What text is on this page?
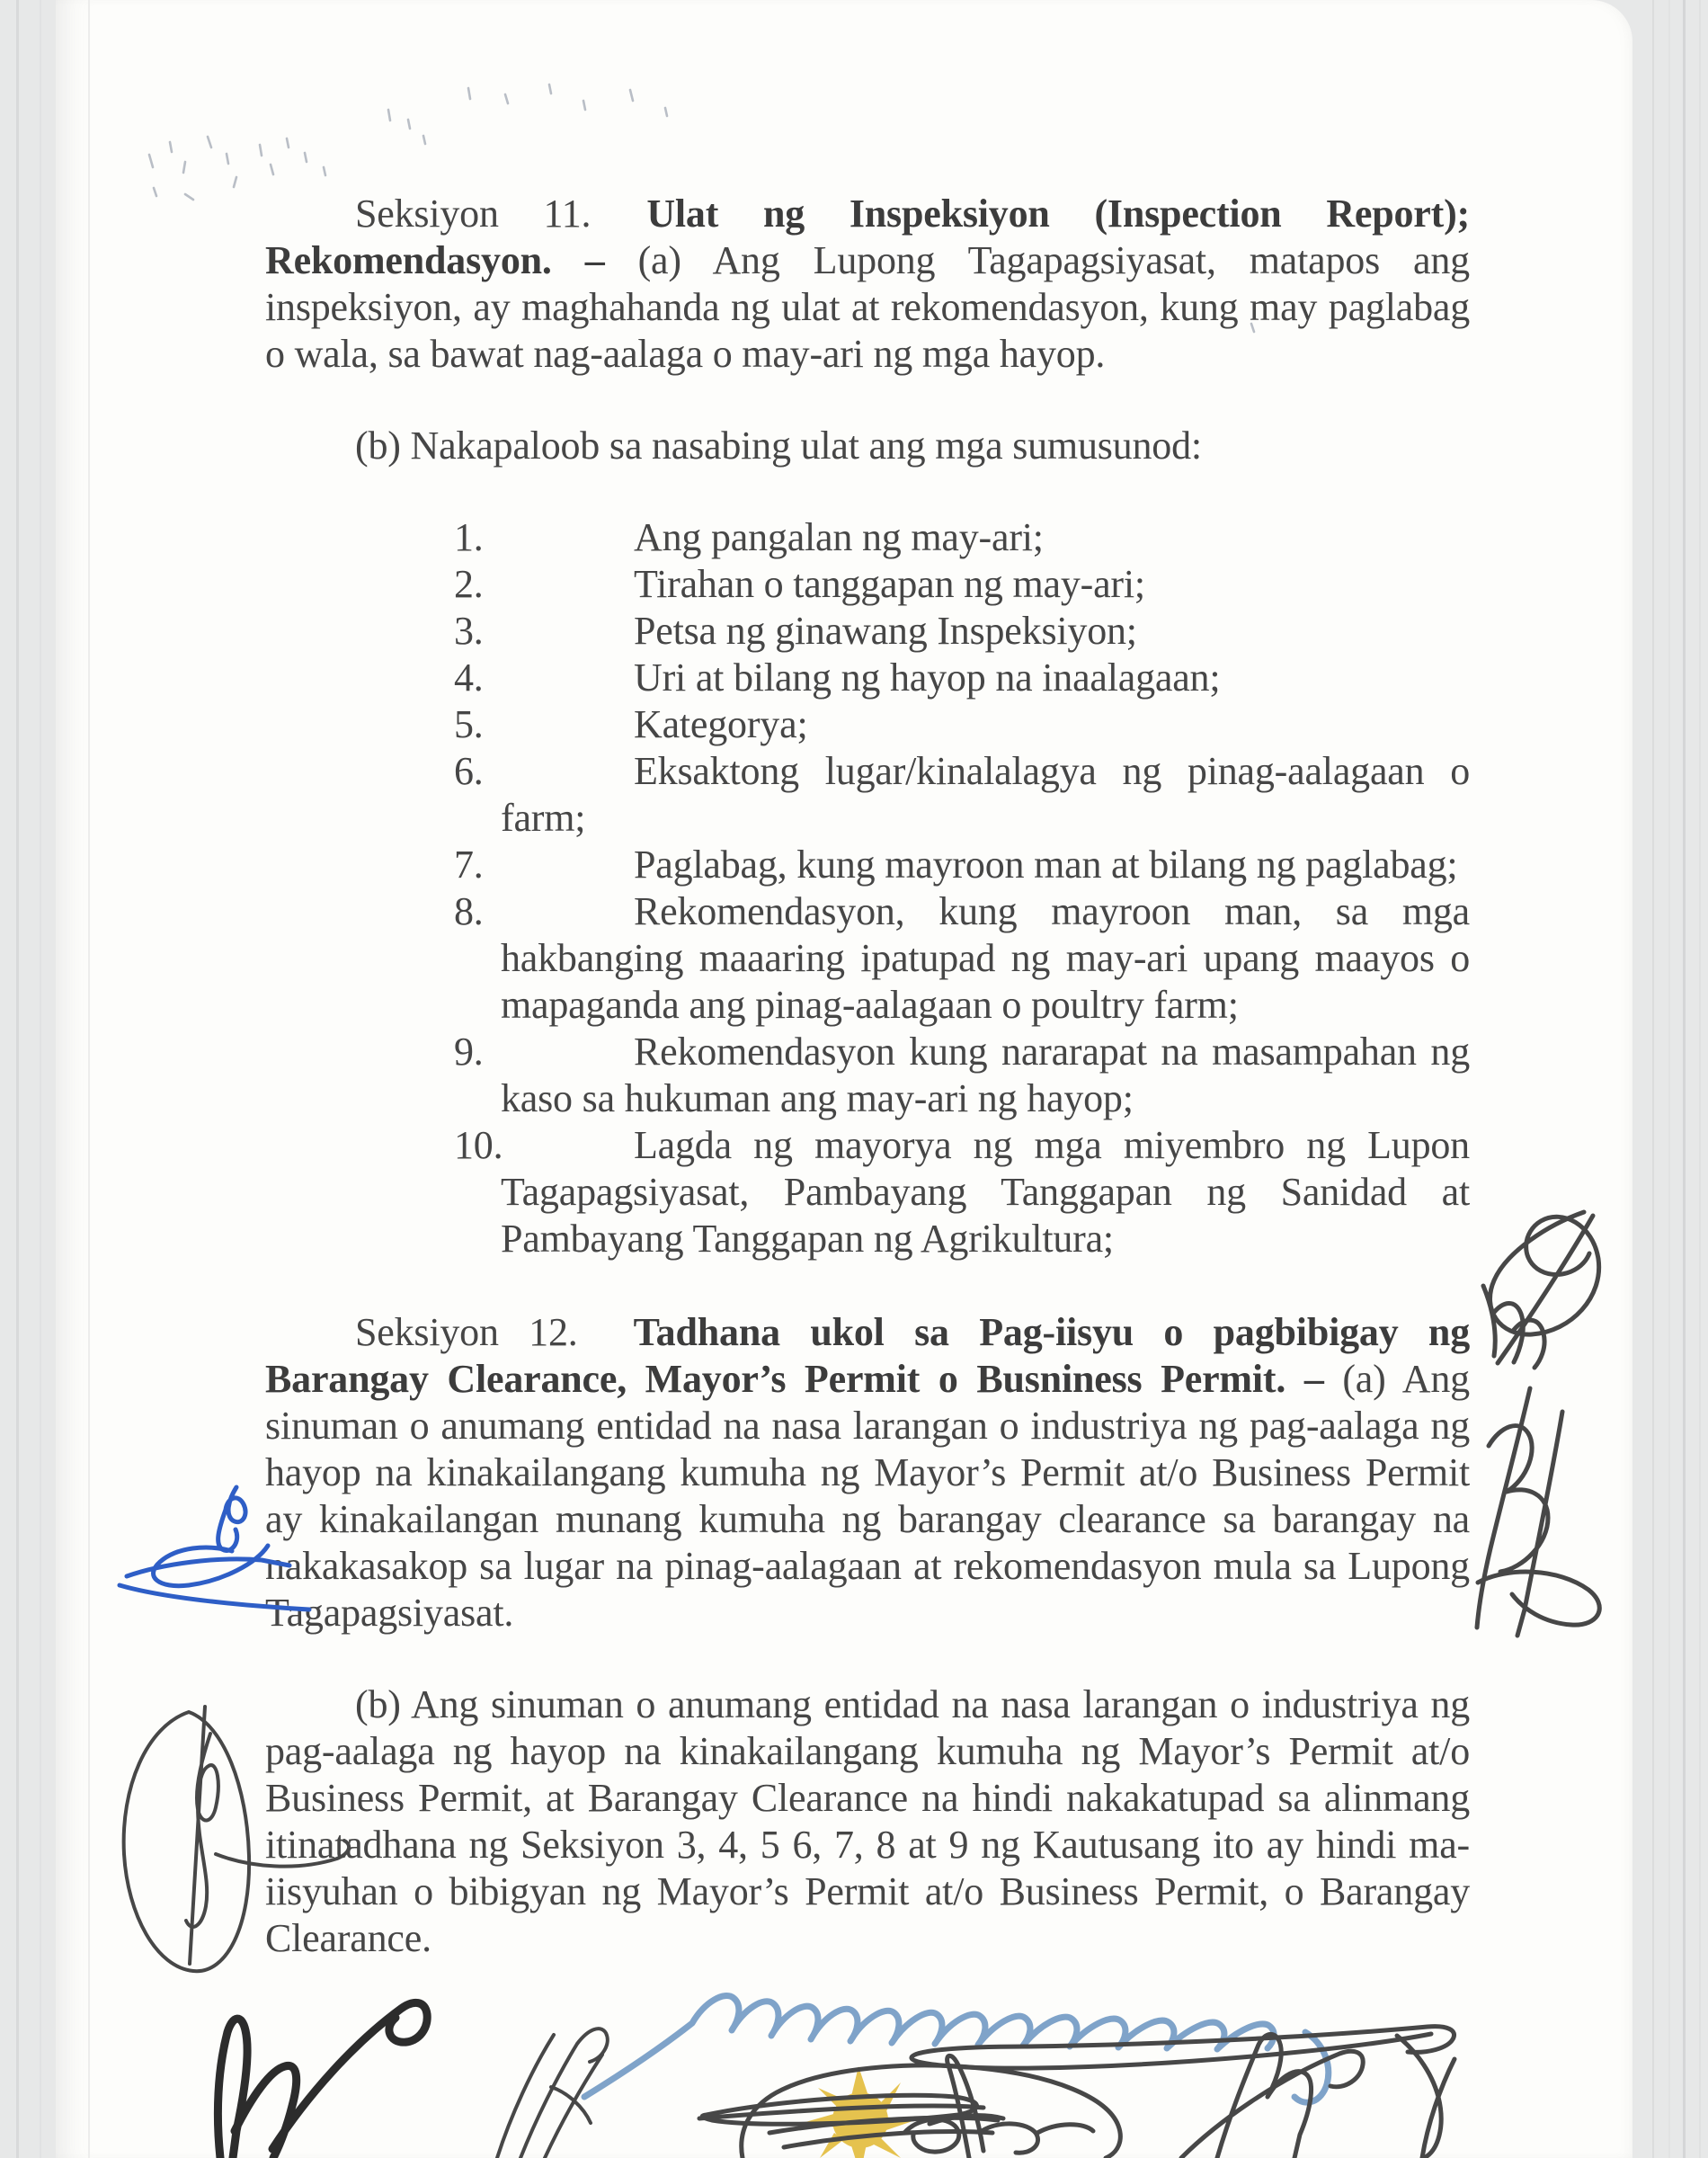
Seksiyon 11. Ulat ng Inspeksiyon (Inspection Report); Rekomendasyon. – (a) Ang Lupong Tagapagsiyasat, matapos ang inspeksiyon, ay maghahanda ng ulat at rekomendasyon, kung may paglabag o wala, sa bawat nag-aalaga o may-ari ng mga hayop.

(b) Nakapaloob sa nasabing ulat ang mga sumusunod:

1.	Ang pangalan ng may-ari;
2.	Tirahan o tanggapan ng may-ari;
3.	Petsa ng ginawang Inspeksiyon;
4.	Uri at bilang ng hayop na inaalagaan;
5.	Kategorya;
6.	Eksaktong lugar/kinalalagya ng pinag-aalagaan o farm;
7.	Paglabag, kung mayroon man at bilang ng paglabag;
8.	Rekomendasyon, kung mayroon man, sa mga hakbanging maaaring ipatupad ng may-ari upang maayos o mapaganda ang pinag-aalagaan o poultry farm;
9.	Rekomendasyon kung nararapat na masampahan ng kaso sa hukuman ang may-ari ng hayop;
10.	Lagda ng mayorya ng mga miyembro ng Lupon Tagapagsiyasat, Pambayang Tanggapan ng Sanidad at Pambayang Tanggapan ng Agrikultura;

Seksiyon 12. Tadhana ukol sa Pag-iisyu o pagbibigay ng Barangay Clearance, Mayor’s Permit o Busniness Permit. – (a) Ang sinuman o anumang entidad na nasa larangan o industriya ng pag-aalaga ng hayop na kinakailangang kumuha ng Mayor’s Permit at/o Business Permit ay kinakailangan munang kumuha ng barangay clearance sa barangay na nakakasakop sa lugar na pinag-aalagaan at rekomendasyon mula sa Lupong Tagapagsiyasat.

(b) Ang sinuman o anumang entidad na nasa larangan o industriya ng pag-aalaga ng hayop na kinakailangang kumuha ng Mayor’s Permit at/o Business Permit, at Barangay Clearance na hindi nakakatupad sa alinmang itinatadhana ng Seksiyon 3, 4, 5 6, 7, 8 at 9 ng Kautusang ito ay hindi ma-iisyuhan o bibigyan ng Mayor’s Permit at/o Business Permit, o Barangay Clearance.
